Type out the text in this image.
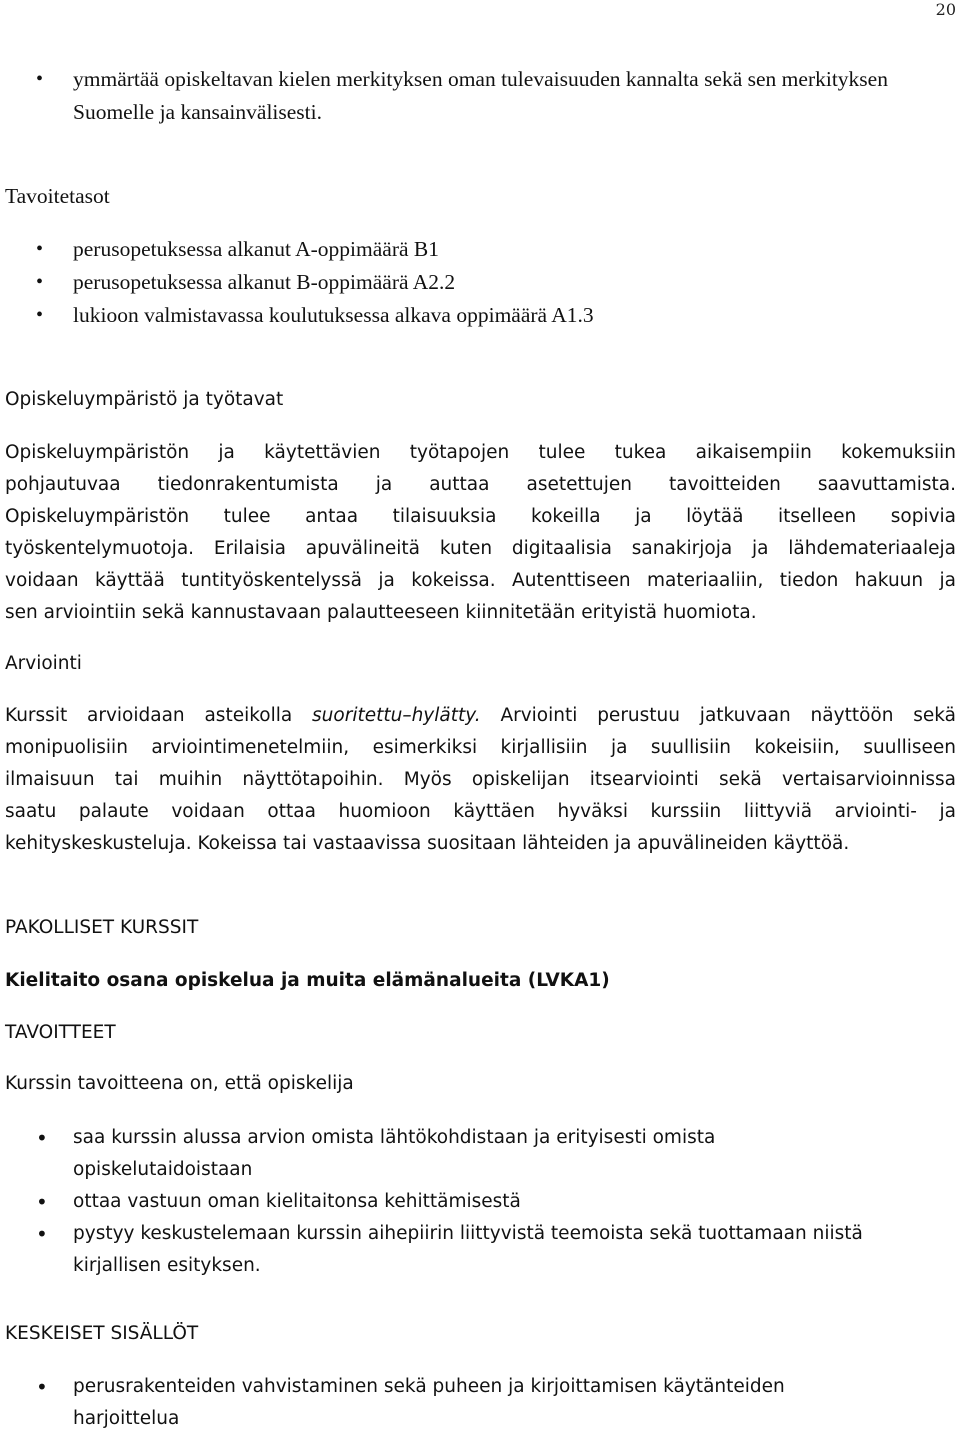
20
• ymmärtää opiskeltavan kielen merkityksen oman tulevaisuuden kannalta sekä sen merkityksen Suomelle ja kansainvälisesti.
Tavoitetasot
• perusopetuksessa alkanut A-oppimäärä B1
• perusopetuksessa alkanut B-oppimäärä A2.2
• lukioon valmistavassa koulutuksessa alkava oppimäärä A1.3
Opiskeluympäristö ja työtavat
Opiskeluympäristön ja käytettävien työtapojen tulee tukea aikaisempiin kokemuksiin
pohjautuvaa tiedonrakentumista ja auttaa asetettujen tavoitteiden saavuttamista.
Opiskeluympäristön tulee antaa tilaisuuksia kokeilla ja löytää itselleen sopivia
työskentelymuotoja. Erilaisia apuvälineitä kuten digitaalisia sanakirjoja ja lähdemateriaaleja
voidaan käyttää tuntityöskentelyssä ja kokeissa. Autenttiseen materiaaliin, tiedon hakuun ja
sen arviointiin sekä kannustavaan palautteeseen kiinnitetään erityistä huomiota.
Arviointi
Kurssit arvioidaan asteikolla suoritettu–hylätty. Arviointi perustuu jatkuvaan näyttöön sekä
monipuolisiin arviointimenetelmiin, esimerkiksi kirjallisiin ja suullisiin kokeisiin, suulliseen
ilmaisuun tai muihin näyttötapoihin. Myös opiskelijan itsearviointi sekä vertaisarvioinnissa
saatu palaute voidaan ottaa huomioon käyttäen hyväksi kurssiin liittyviä arviointi- ja
kehityskeskusteluja. Kokeissa tai vastaavissa suositaan lähteiden ja apuvälineiden käyttöä.
PAKOLLISET KURSSIT
Kielitaito osana opiskelua ja muita elämänalueita (LVKA1)
TAVOITTEET
Kurssin tavoitteena on, että opiskelija
• saa kurssin alussa arvion omista lähtökohdistaan ja erityisesti omista opiskelutaidoistaan
• ottaa vastuun oman kielitaitonsa kehittämisestä
• pystyy keskustelemaan kurssin aihepiirin liittyvistä teemoista sekä tuottamaan niistä kirjallisen esityksen.
KESKEISET SISÄLLÖT
• perusrakenteiden vahvistaminen sekä puheen ja kirjoittamisen käytänteiden harjoittelua
